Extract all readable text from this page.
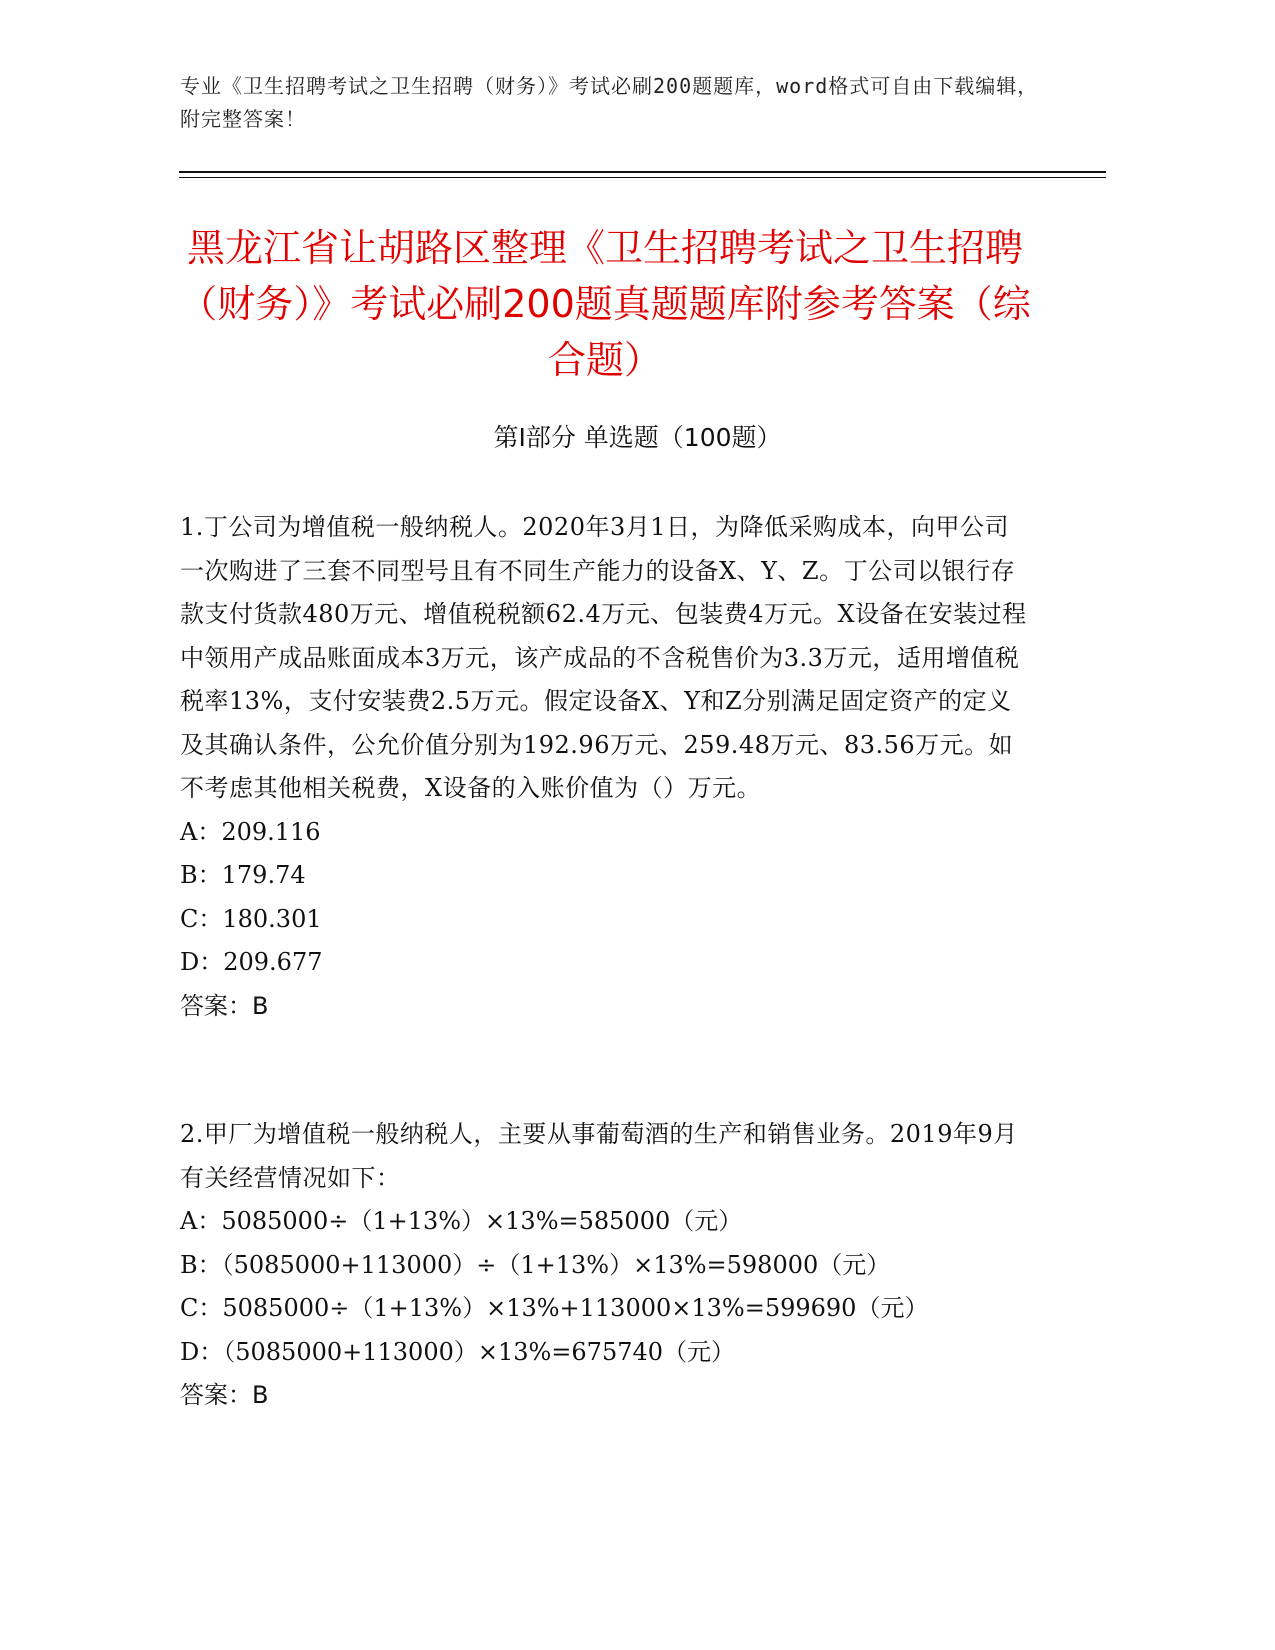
专业《卫生招聘考试之卫生招聘（财务）》考试必刷200题题库，word格式可自由下载编辑，附完整答案！
黑龙江省让胡路区整理《卫生招聘考试之卫生招聘（财务）》考试必刷200题真题题库附参考答案（综合题）
第Ⅰ部分 单选题（100题）

1.丁公司为增值税一般纳税人。2020年3月1日，为降低采购成本，向甲公司一次购进了三套不同型号且有不同生产能力的设备X、Y、Z。丁公司以银行存款支付货款480万元、增值税税额62.4万元、包装费4万元。X设备在安装过程中领用产成品账面成本3万元，该产成品的不含税售价为3.3万元，适用增值税税率13%，支付安装费2.5万元。假定设备X、Y和Z分别满足固定资产的定义及其确认条件，公允价值分别为192.96万元、259.48万元、83.56万元。如不考虑其他相关税费，X设备的入账价值为（）万元。

A：209.116

B：179.74

C：180.301

D：209.677

答案：B

2.甲厂为增值税一般纳税人，主要从事葡萄酒的生产和销售业务。2019年9月有关经营情况如下：

A：5085000÷（1+13%）×13%=585000（元）

B：（5085000+113000）÷（1+13%）×13%=598000（元）

C：5085000÷（1+13%）×13%+113000×13%=599690（元）

D：（5085000+113000）×13%=675740（元）

答案：B
